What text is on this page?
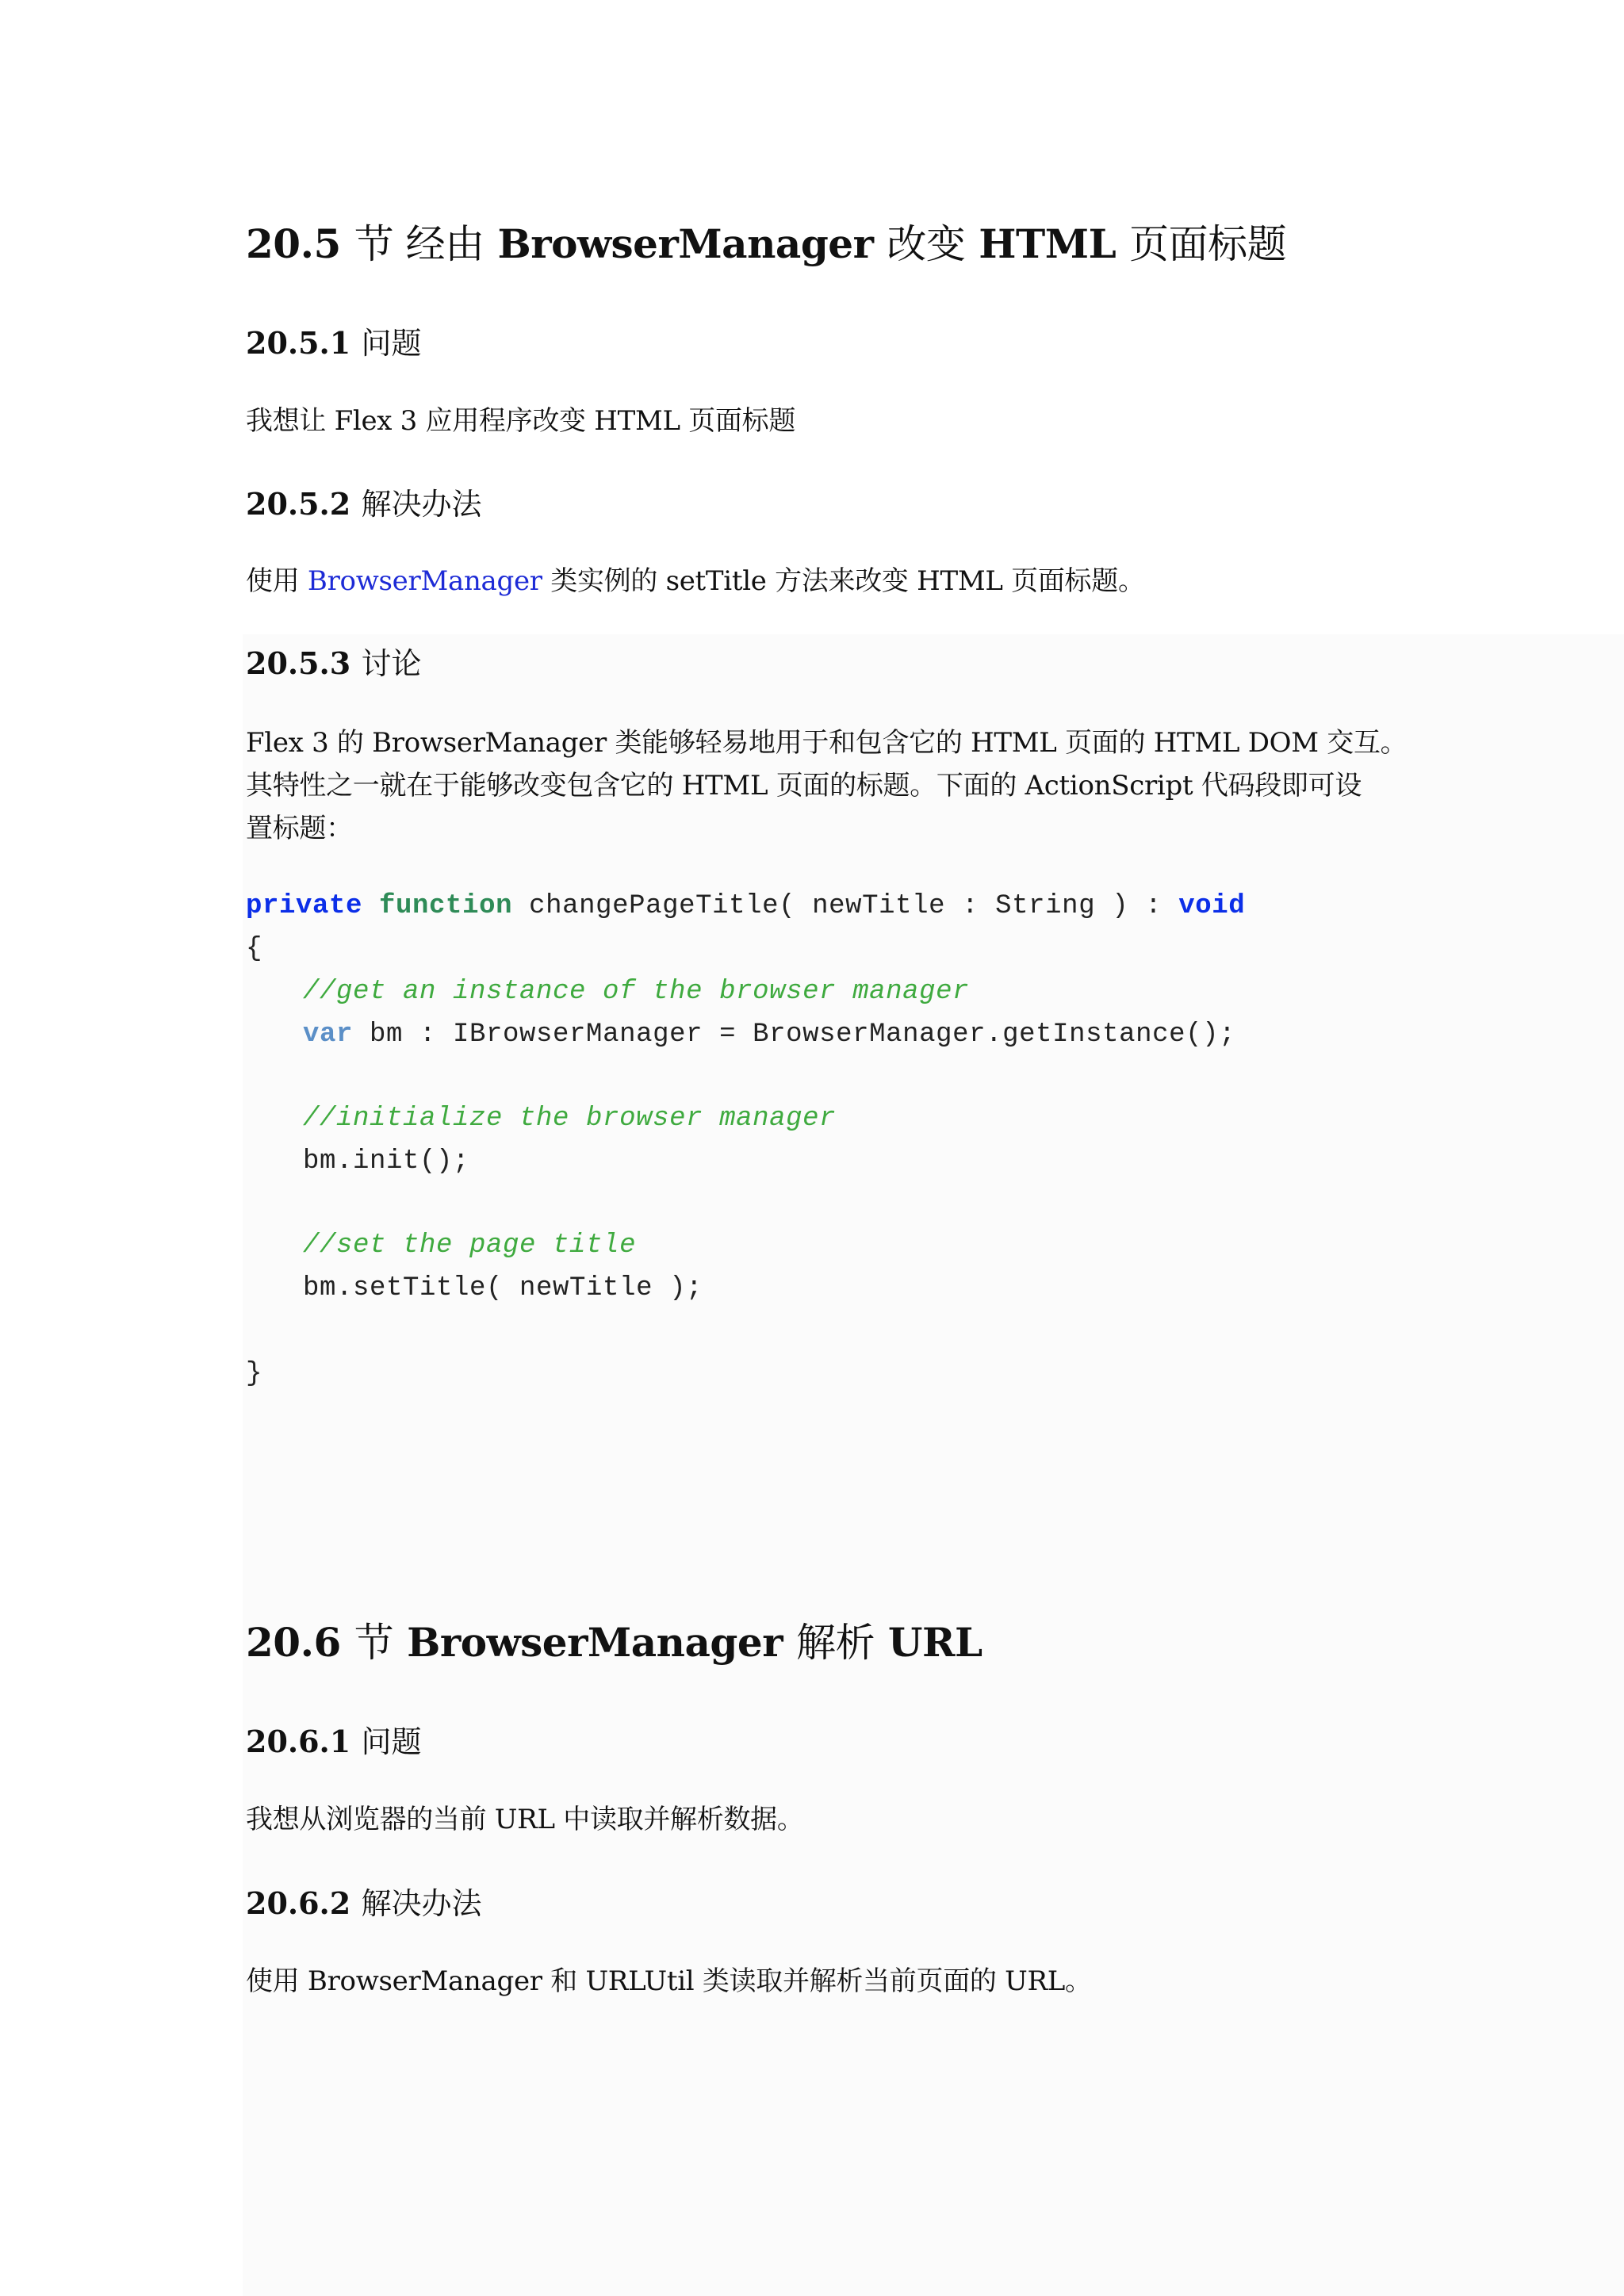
20.5 节 经由 BrowserManager 改变 HTML 页面标题
20.5.1 问题
我想让 Flex 3 应用程序改变 HTML 页面标题
20.5.2 解决办法
使用 BrowserManager 类实例的 setTitle 方法来改变 HTML 页面标题。
20.5.3 讨论
Flex 3 的 BrowserManager 类能够轻易地用于和包含它的 HTML 页面的 HTML DOM 交互。
其特性之一就在于能够改变包含它的 HTML 页面的标题。下面的 ActionScript 代码段即可设
置标题：
private function changePageTitle( newTitle : String ) : void
{
//get an instance of the browser manager
var bm : IBrowserManager = BrowserManager.getInstance();
//initialize the browser manager
bm.init();
//set the page title
bm.setTitle( newTitle );
}
20.6 节 BrowserManager 解析 URL
20.6.1 问题
我想从浏览器的当前 URL 中读取并解析数据。
20.6.2 解决办法
使用 BrowserManager 和 URLUtil 类读取并解析当前页面的 URL。
